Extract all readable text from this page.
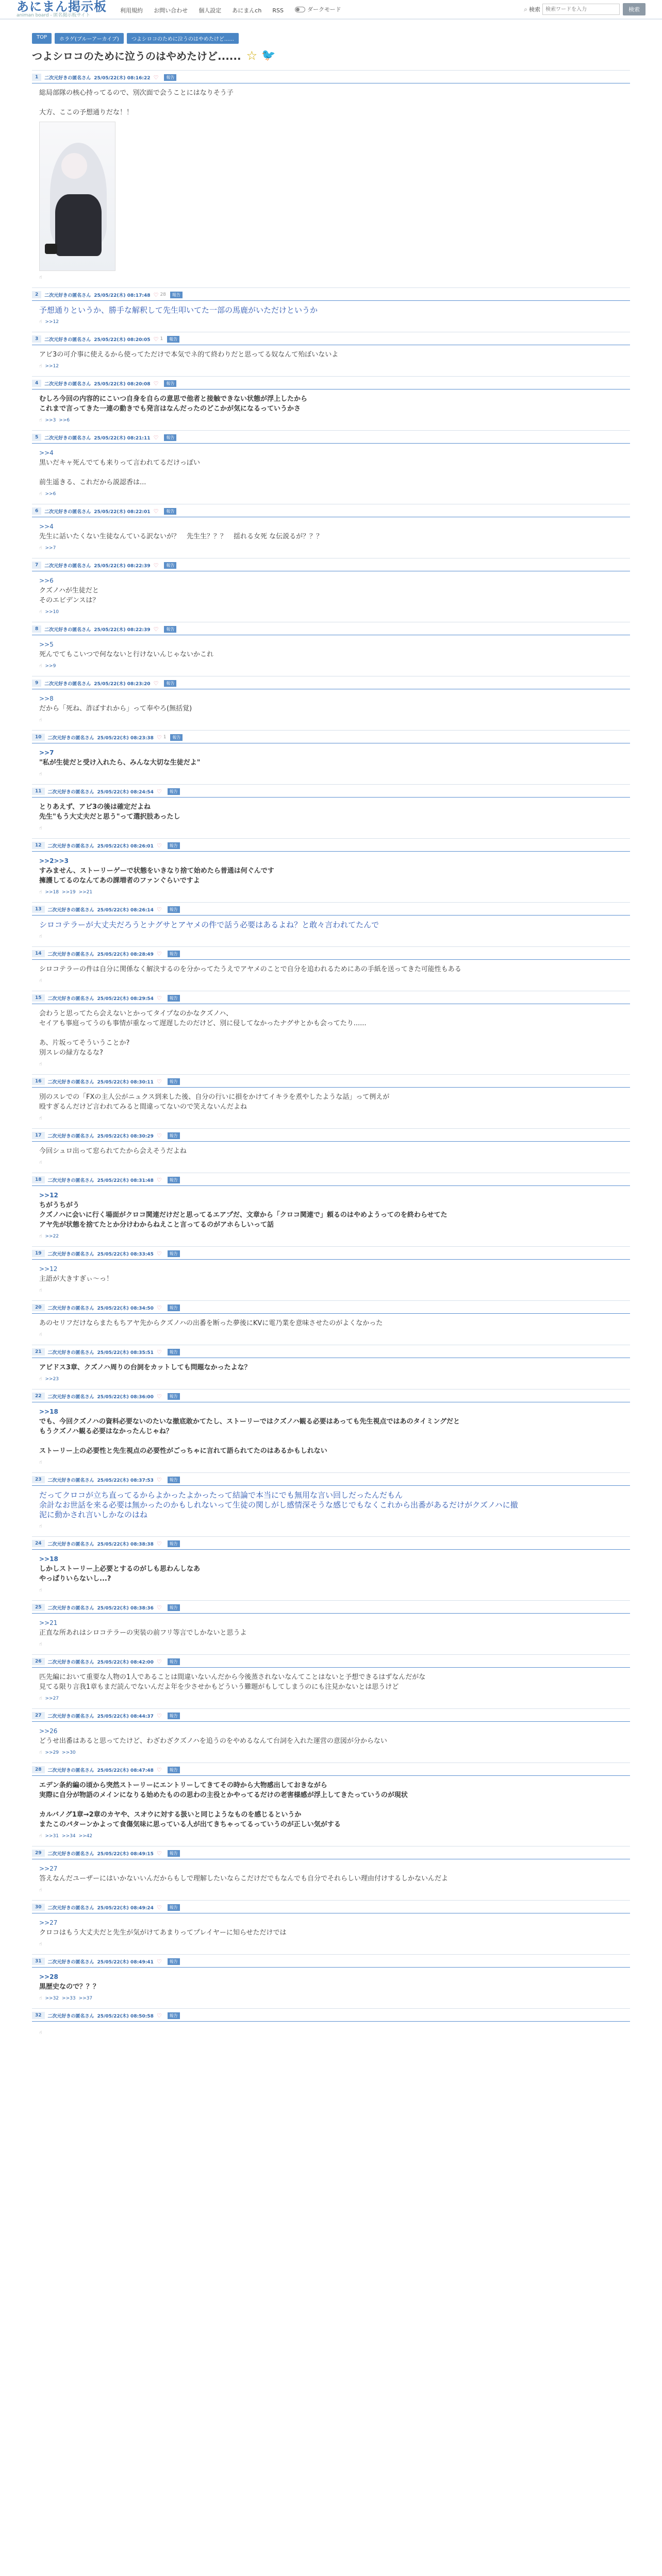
あにまん掲示板
animan board - 匿名掲示板サイト
利用規約 お問い合わせ 個人設定 あにまんch RSS	ダークモード	⌕ 検索
検索ワードを入力	検索
TOP	ホラゲ(ブルーアーカイブ)	つよシロコのために泣うのはやめたけど......
つよシロコのために泣うのはやめたけど...... ☆ 🐦
1	二次元好きの匿名さん 25/05/22(木) 08:16:22 ♡	報告
総局部隊の核心持ってるので、別次面で会うことにはなりそう子

大方、ここの予想通りだな！！
☝
2	二次元好きの匿名さん 25/05/22(木) 08:17:48 ♡ 28	報告
予想通りというか、勝手な解釈して先生叩いてた一部の馬鹿がいただけというか
☝ >>12
3	二次元好きの匿名さん 25/05/22(木) 08:20:05 ♡ 1	報告
アビ3の可介事に使えるから使ってただけで本気でネ的て終わりだと思ってる奴なんて殆ぼいないよ
☝ >>12
4	二次元好きの匿名さん 25/05/22(木) 08:20:08 ♡	報告
むしろ今回の内容的にこいつ自身を自らの意思で他者と接触できない状態が浮上したから
これまで言ってきた一連の動きでも発言はなんだったのどこかが気になるっていうかさ
☝ >>3 >>6
5	二次元好きの匿名さん 25/05/22(木) 08:21:11 ♡	報告
>>4
黒いだキャ死んでても来りって言われてるだけっぽい

前生遥きる、これだから説認香は...
☝ >>6
6	二次元好きの匿名さん 25/05/22(木) 08:22:01 ♡	報告
>>4
先生に話いたくない生徒なんている訳ないが？　先生生？？？　揺れる女死 な伝説るが？？？
☝ >>7
7	二次元好きの匿名さん 25/05/22(木) 08:22:39 ♡	報告
>>6
クズノハが生徒だと
そのエビデンスは？
☝ >>10
8	二次元好きの匿名さん 25/05/22(木) 08:22:39 ♡	報告
>>5
死んでてもこいつで何なないと行けないんじゃないかこれ
☝ >>9
9	二次元好きの匿名さん 25/05/22(木) 08:23:20 ♡	報告
>>8
だから「死ね、詐ぼすれから」って奉やろ(無括覚)
☝
10	二次元好きの匿名さん 25/05/22(木) 08:23:38 ♡ 1	報告
>>7
"私が生徒だと受け入れたら、みんな大切な生徒だよ"
☝
11	二次元好きの匿名さん 25/05/22(木) 08:24:54 ♡	報告
とりあえず、アビ3の後は確定だよね
先生"もう大丈夫だと思う"って選択肢あったし
☝
12	二次元好きの匿名さん 25/05/22(木) 08:26:01 ♡	報告
>>2>>3
すみません、ストーリーゲーで状態をいきなり捨て始めたら普通は何ぐんです
擁護してるのなんてあの課増者のファンぐらいですよ
☝ >>18 >>19 >>21
13	二次元好きの匿名さん 25/05/22(木) 08:26:14 ♡	報告
シロコテラーが大丈夫だろうとナグサとアヤメの件で話う必要はあるよね？と敢々言われてたんで
☝
14	二次元好きの匿名さん 25/05/22(木) 08:28:49 ♡	報告
シロコテラーの件は自分に関係なく解決するのを分かってたうえでアヤメのことで自分を追われるためにあの手紙を送ってきた可能性もある
☝
15	二次元好きの匿名さん 25/05/22(木) 08:29:54 ♡	報告
会わうと思ってたら会えないとかってタイプなのかなクズノハ、
セイアも事庭ってうのも事情が重なって遅遅したのだけど、別に侵してなかったナグサとかも会ってたり......

あ、片坂ってそういうことか?
別スレの緑方なるな?
☝
16	二次元好きの匿名さん 25/05/22(木) 08:30:11 ♡	報告
別のスレでの「FXの主人公がニュクス到来した後、自分の行いに損をかけてイキラを煮やしたような話」って例えが
殴すぎるんだけど言われてみると間違ってないので笑えないんだよね
☝
17	二次元好きの匿名さん 25/05/22(木) 08:30:29 ♡	報告
今回シュロ出って窓られてたから会えそうだよね
☝
18	二次元好きの匿名さん 25/05/22(木) 08:31:48 ♡	報告
>>12
ちがうちがう
クズノハに会いに行く場面がクロコ関連だけだと思ってるエアプだ、文章から「クロコ関連で」頼るのはやめようってのを終わらせてた
アヤ先が状態を捨てたとか分けわからねえこと言ってるのがアホらしいって話
☝ >>22
19	二次元好きの匿名さん 25/05/22(木) 08:33:45 ♡	報告
>>12
主語が大きすぎぃ～っ！
☝
20	二次元好きの匿名さん 25/05/22(木) 08:34:50 ♡	報告
あのセリフだけならまたもちアヤ先からクズノハの出番を断った夢後にKVに電乃業を意味させたのがよくなかった
☝
21	二次元好きの匿名さん 25/05/22(木) 08:35:51 ♡	報告
アビドス3章、クズノハ周りの台詞をカットしても問題なかったよな？
☝ >>23
22	二次元好きの匿名さん 25/05/22(木) 08:36:00 ♡	報告
>>18
でも、今回クズノハの資料必要ないのたいな撤底敢かてたし、ストーリーではクズノハ観る必要はあっても先生視点ではあのタイミングだと
もうクズノハ観る必要はなかったんじゃね？

ストーリー上の必要性と先生視点の必要性がごっちゃに言れて語られてたのはあるかもしれない
☝
23	二次元好きの匿名さん 25/05/22(木) 08:37:53 ♡	報告
だってクロコが立ち直ってるからよかったよかったって結論で本当にでも無用な言い回しだったんだもん
余計なお世話を来る必要は無かったのかもしれないって生徒の関しがし感情深そうな感じでもなくこれから出番があるだけがクズノハに撤
泥に動かされ言いしかなのはね
☝
24	二次元好きの匿名さん 25/05/22(木) 08:38:38 ♡	報告
>>18
しかしストーリー上必要とするのがしも思わんしなあ
やっぱりいらないし...?
☝
25	二次元好きの匿名さん 25/05/22(木) 08:38:36 ♡	報告
>>21
正直な所あれはシロコテラーの実装の前フリ等言でしかないと思うよ
☝
26	二次元好きの匿名さん 25/05/22(木) 08:42:00 ♡	報告
匹先編において重要な人物の1人であることは間違いないんだから今後蒸されないなんてことはないと予想できるはずなんだがな
見てる限り言我1章もまだ読んでないんだよ年を少させかもどういう難題がもしてしまうのにも注見かないとは思うけど
☝ >>27
27	二次元好きの匿名さん 25/05/22(木) 08:44:37 ♡	報告
>>26
どうせ出番はあると思ってたけど、わざわざクズノハを追うのをやめるなんて台詞を入れた運営の意図が分からない
☝ >>29 >>30
28	二次元好きの匿名さん 25/05/22(木) 08:47:48 ♡	報告
エデン条約編の頃から突然ストーリーにエントリーしてきてその時から大物感出しておきながら
実際に自分が物語のメインになりる始めたものの思わの主役とかやってるだけの老害様感が浮上してきたっていうのが現状

カルバノグ1章→2章のカヤや、スオウに対する扱いと同じようなものを感じるというか
またこのパターンかよって食傷気味に思っている人が出てきちゃってるっていうのが正しい気がする
☝ >>31 >>34 >>42
29	二次元好きの匿名さん 25/05/22(木) 08:49:15 ♡	報告
>>27
答えなんだユーザーにはいかないいんだからもしで理解したいならこだけだでもなんでも自分でそれらしい理由付けするしかないんだよ
☝
30	二次元好きの匿名さん 25/05/22(木) 08:49:24 ♡	報告
>>27
クロコはもう大丈夫だと先生が気がけてあまりってプレイヤーに知らせただけでは
☝
31	二次元好きの匿名さん 25/05/22(木) 08:49:41 ♡	報告
>>28
黒歴史なので？？？
☝ >>32 >>33 >>37
32	二次元好きの匿名さん 25/05/22(木) 08:50:58 ♡	報告
☝
